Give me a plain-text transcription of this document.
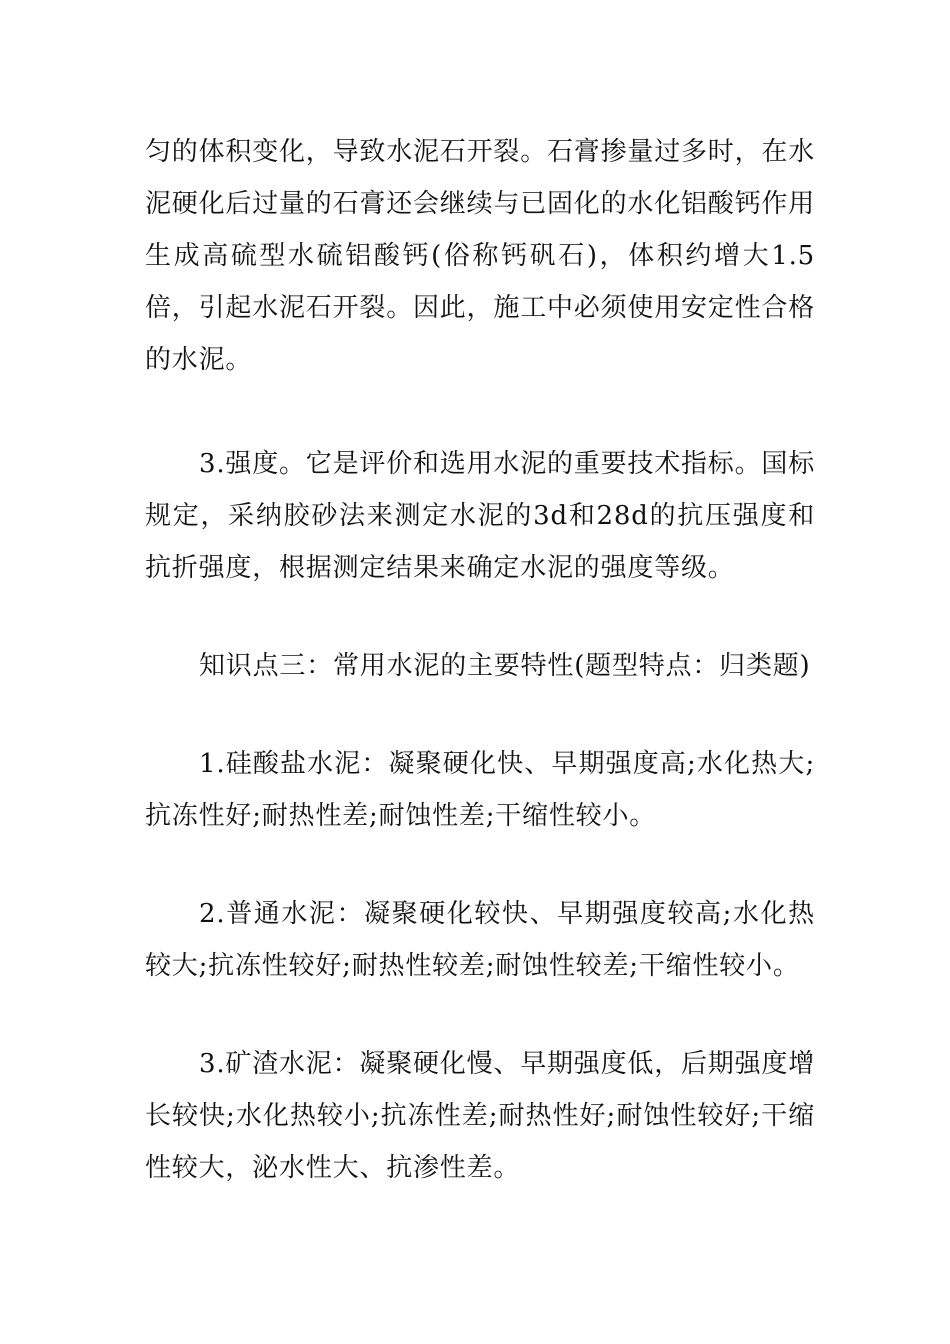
匀的体积变化，导致水泥石开裂。石膏掺量过多时，在水泥硬化后过量的石膏还会继续与已固化的水化铝酸钙作用生成高硫型水硫铝酸钙(俗称钙矾石)，体积约增大1.5倍，引起水泥石开裂。因此，施工中必须使用安定性合格的水泥。

3.强度。它是评价和选用水泥的重要技术指标。国标规定，采纳胶砂法来测定水泥的3d和28d的抗压强度和抗折强度，根据测定结果来确定水泥的强度等级。

知识点三：常用水泥的主要特性(题型特点：归类题)

1.硅酸盐水泥：凝聚硬化快、早期强度高;水化热大;抗冻性好;耐热性差;耐蚀性差;干缩性较小。

2.普通水泥：凝聚硬化较快、早期强度较高;水化热较大;抗冻性较好;耐热性较差;耐蚀性较差;干缩性较小。

3.矿渣水泥：凝聚硬化慢、早期强度低，后期强度增长较快;水化热较小;抗冻性差;耐热性好;耐蚀性较好;干缩性较大，泌水性大、抗渗性差。
